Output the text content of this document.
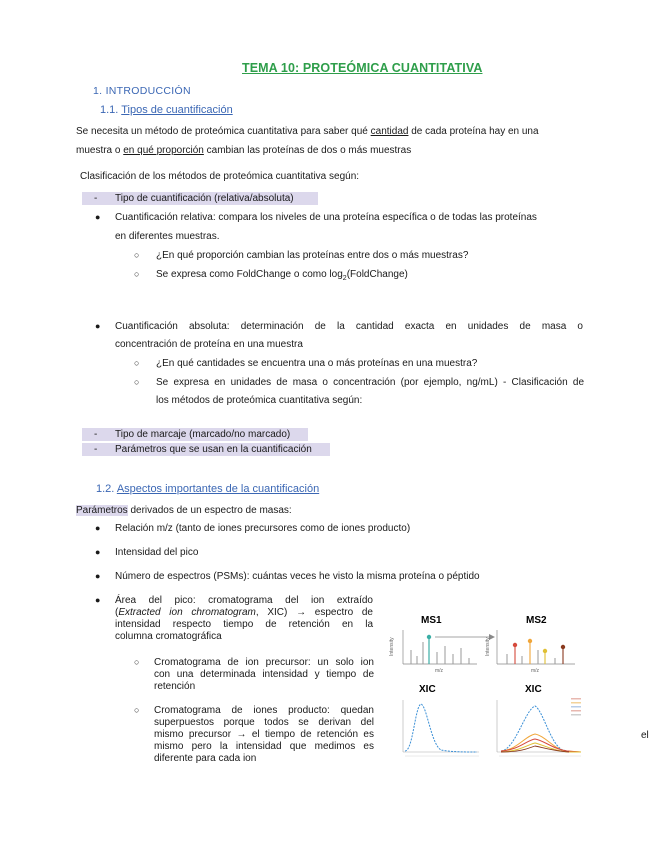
TEMA 10: PROTEÓMICA CUANTITATIVA
1. INTRODUCCIÓN
1.1. Tipos de cuantificación
Se necesita un método de proteómica cuantitativa para saber qué cantidad de cada proteína hay en una
muestra o en qué proporción cambian las proteínas de dos o más muestras
Clasificación de los métodos de proteómica cuantitativa según:
- Tipo de cuantificación (relativa/absoluta)
● Cuantificación relativa: compara los niveles de una proteína específica o de todas las proteínas
en diferentes muestras.
○ ¿En qué proporción cambian las proteínas entre dos o más muestras?
○ Se expresa como FoldChange o como $\log_2(FoldChange)$
● Cuantificación absoluta: determinación de la cantidad exacta en unidades de masa o
concentración de proteína en una muestra
○ ¿En qué cantidades se encuentra una o más proteínas en una muestra?
○ Se expresa en unidades de masa o concentración (por ejemplo, ng/mL) - Clasificación de
los métodos de proteómica cuantitativa según:
- Tipo de marcaje (marcado/no marcado)
- Parámetros que se usan en la cuantificación
1.2. Aspectos importantes de la cuantificación
Parámetros derivados de un espectro de masas:
● Relación m/z (tanto de iones precursores como de iones producto)
● Intensidad del pico
● Número de espectros (PSMs): cuántas veces he visto la misma proteína o péptido
● Área del pico: cromatograma del ion extraído
(Extracted ion chromatogram, XIC) → espectro de
intensidad respecto tiempo de retención en la
columna cromatográfica
○ Cromatograma de ion precursor: un solo ion
con una determinada intensidad y tiempo de
retención
○ Cromatograma de iones producto: quedan
superpuestos porque todos se derivan del
mismo precursor → el tiempo de retención es
mismo pero la intensidad que medimos es
diferente para cada ion
el
MS1
Intensity
m/z
MS2
Intensity
m/z
XIC	XIC
